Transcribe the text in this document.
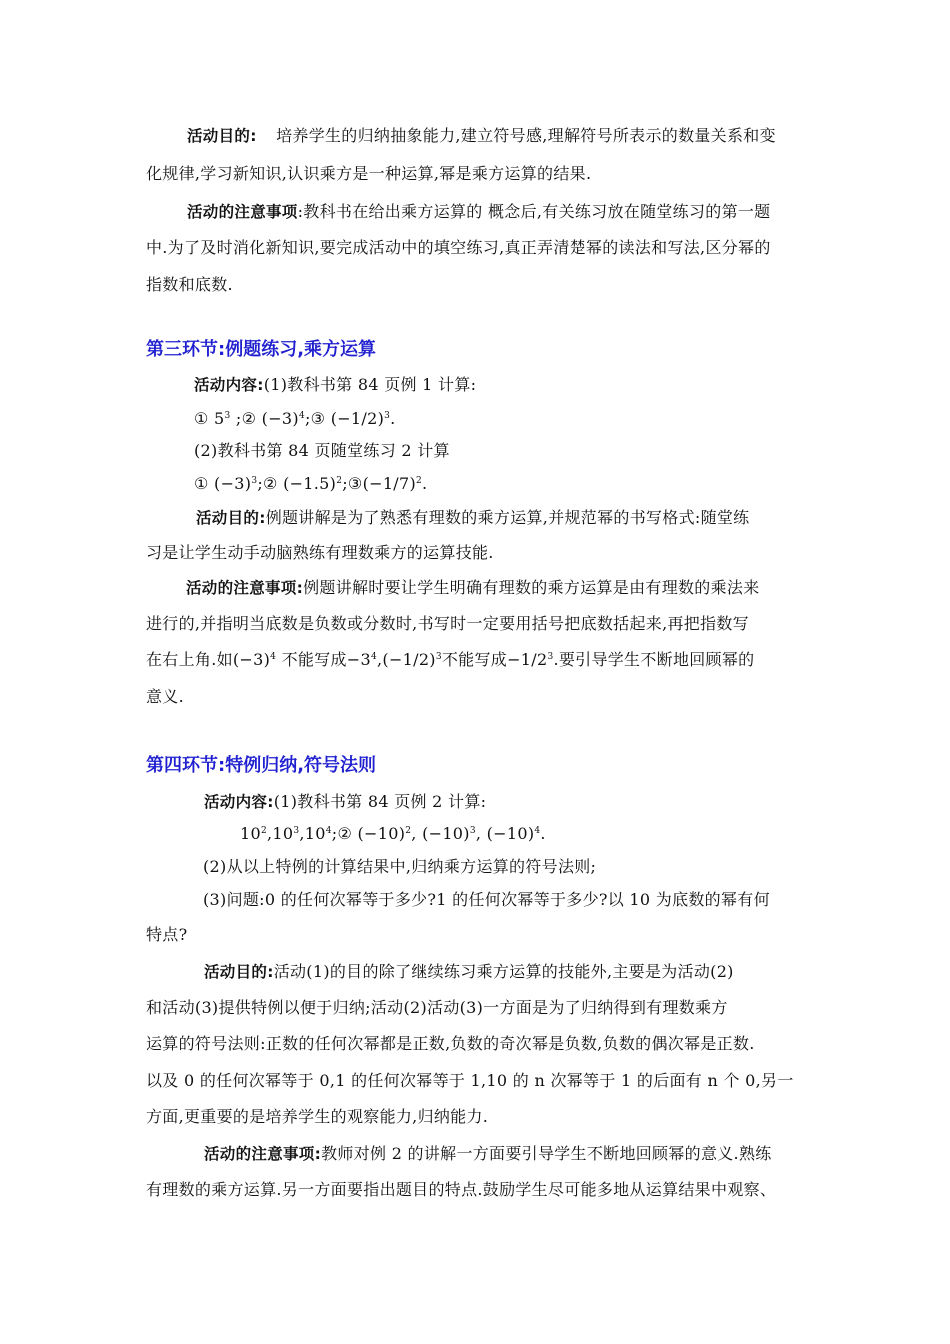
活动目的: 培养学生的归纳抽象能力,建立符号感,理解符号所表示的数量关系和变
化规律,学习新知识,认识乘方是一种运算,幂是乘方运算的结果.
活动的注意事项:教科书在给出乘方运算的 概念后,有关练习放在随堂练习的第一题
中.为了及时消化新知识,要完成活动中的填空练习,真正弄清楚幂的读法和写法,区分幂的
指数和底数.
第三环节:例题练习,乘方运算
活动内容:(1)教科书第 84 页例 1 计算:
① $5^3$ ;② $(-3)^4;③$ $(-1/2)^3$.
(2)教科书第 84 页随堂练习 2 计算
① $(-3)^3;②$ $(-1.5)^2;③(-1/7)^2$.
活动目的:例题讲解是为了熟悉有理数的乘方运算,并规范幂的书写格式:随堂练
习是让学生动手动脑熟练有理数乘方的运算技能.
活动的注意事项:例题讲解时要让学生明确有理数的乘方运算是由有理数的乘法来
进行的,并指明当底数是负数或分数时,书写时一定要用括号把底数括起来,再把指数写
在右上角.如$(-3)^4$ 不能写成$-3^4,(-1/2)^3$不能写成$-1/2^3$.要引导学生不断地回顾幂的
意义.
第四环节:特例归纳,符号法则
活动内容:(1)教科书第 84 页例 2 计算:
$10^2,10^3,10^4;②$ $(-10)^2$, $(-10)^3$, $(-10)^4$.
(2)从以上特例的计算结果中,归纳乘方运算的符号法则;
(3)问题:0 的任何次幂等于多少?1 的任何次幂等于多少?以 10 为底数的幂有何
特点?
活动目的:活动(1)的目的除了继续练习乘方运算的技能外,主要是为活动(2)
和活动(3)提供特例以便于归纳;活动(2)活动(3)一方面是为了归纳得到有理数乘方
运算的符号法则:正数的任何次幂都是正数,负数的奇次幂是负数,负数的偶次幂是正数.
以及 0 的任何次幂等于 0,1 的任何次幂等于 1,10 的 n 次幂等于 1 的后面有 n 个 0,另一
方面,更重要的是培养学生的观察能力,归纳能力.
活动的注意事项:教师对例 2 的讲解一方面要引导学生不断地回顾幂的意义.熟练
有理数的乘方运算.另一方面要指出题目的特点.鼓励学生尽可能多地从运算结果中观察、
